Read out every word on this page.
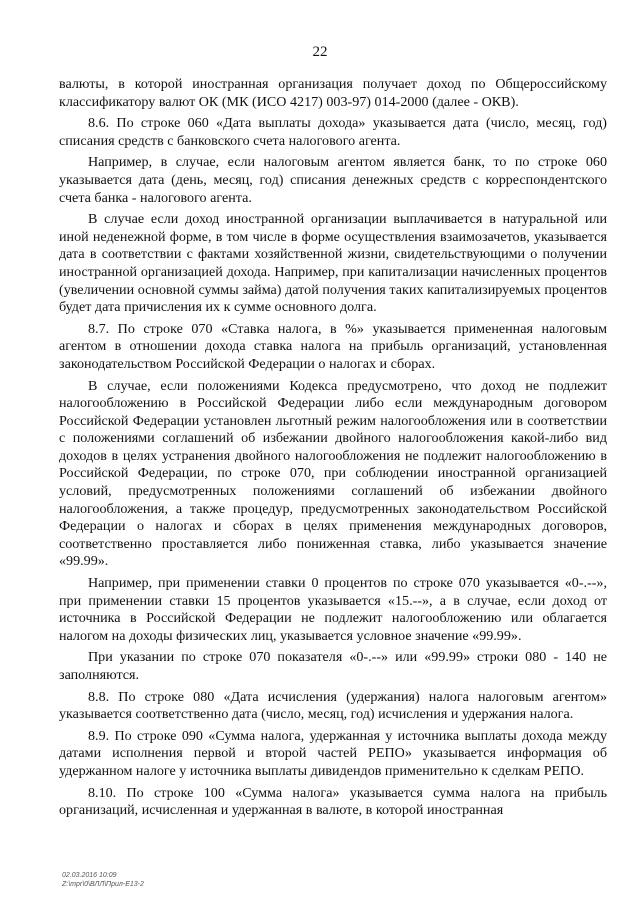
22

валюты, в которой иностранная организация получает доход по Общероссийскому классификатору валют ОК (МК (ИСО 4217) 003-97) 014-2000 (далее - ОКВ).

8.6. По строке 060 «Дата выплаты дохода» указывается дата (число, месяц, год) списания средств с банковского счета налогового агента.

Например, в случае, если налоговым агентом является банк, то по строке 060 указывается дата (день, месяц, год) списания денежных средств с корреспондентского счета банка - налогового агента.

В случае если доход иностранной организации выплачивается в натуральной или иной неденежной форме, в том числе в форме осуществления взаимозачетов, указывается дата в соответствии с фактами хозяйственной жизни, свидетельствующими о получении иностранной организацией дохода. Например, при капитализации начисленных процентов (увеличении основной суммы займа) датой получения таких капитализируемых процентов будет дата причисления их к сумме основного долга.

8.7. По строке 070 «Ставка налога, в %» указывается примененная налоговым агентом в отношении дохода ставка налога на прибыль организаций, установленная законодательством Российской Федерации о налогах и сборах.

В случае, если положениями Кодекса предусмотрено, что доход не подлежит налогообложению в Российской Федерации либо если международным договором Российской Федерации установлен льготный режим налогообложения или в соответствии с положениями соглашений об избежании двойного налогообложения какой-либо вид доходов в целях устранения двойного налогообложения не подлежит налогообложению в Российской Федерации, по строке 070, при соблюдении иностранной организацией условий, предусмотренных положениями соглашений об избежании двойного налогообложения, а также процедур, предусмотренных законодательством Российской Федерации о налогах и сборах в целях применения международных договоров, соответственно проставляется либо пониженная ставка, либо указывается значение «99.99».

Например, при применении ставки 0 процентов по строке 070 указывается «0-.--», при применении ставки 15 процентов указывается «15.--», а в случае, если доход от источника в Российской Федерации не подлежит налогообложению или облагается налогом на доходы физических лиц, указывается условное значение «99.99».

При указании по строке 070 показателя «0-.--» или «99.99» строки 080 - 140 не заполняются.

8.8. По строке 080 «Дата исчисления (удержания) налога налоговым агентом» указывается соответственно дата (число, месяц, год) исчисления и удержания налога.

8.9. По строке 090 «Сумма налога, удержанная у источника выплаты дохода между датами исполнения первой и второй частей РЕПО» указывается информация об удержанном налоге у источника выплаты дивидендов применительно к сделкам РЕПО.

8.10. По строке 100 «Сумма налога» указывается сумма налога на прибыль организаций, исчисленная и удержанная в валюте, в которой иностранная

02.03.2016 10:09
Z:\mpr\0\ВЛЛ\Прил-Е13-2
